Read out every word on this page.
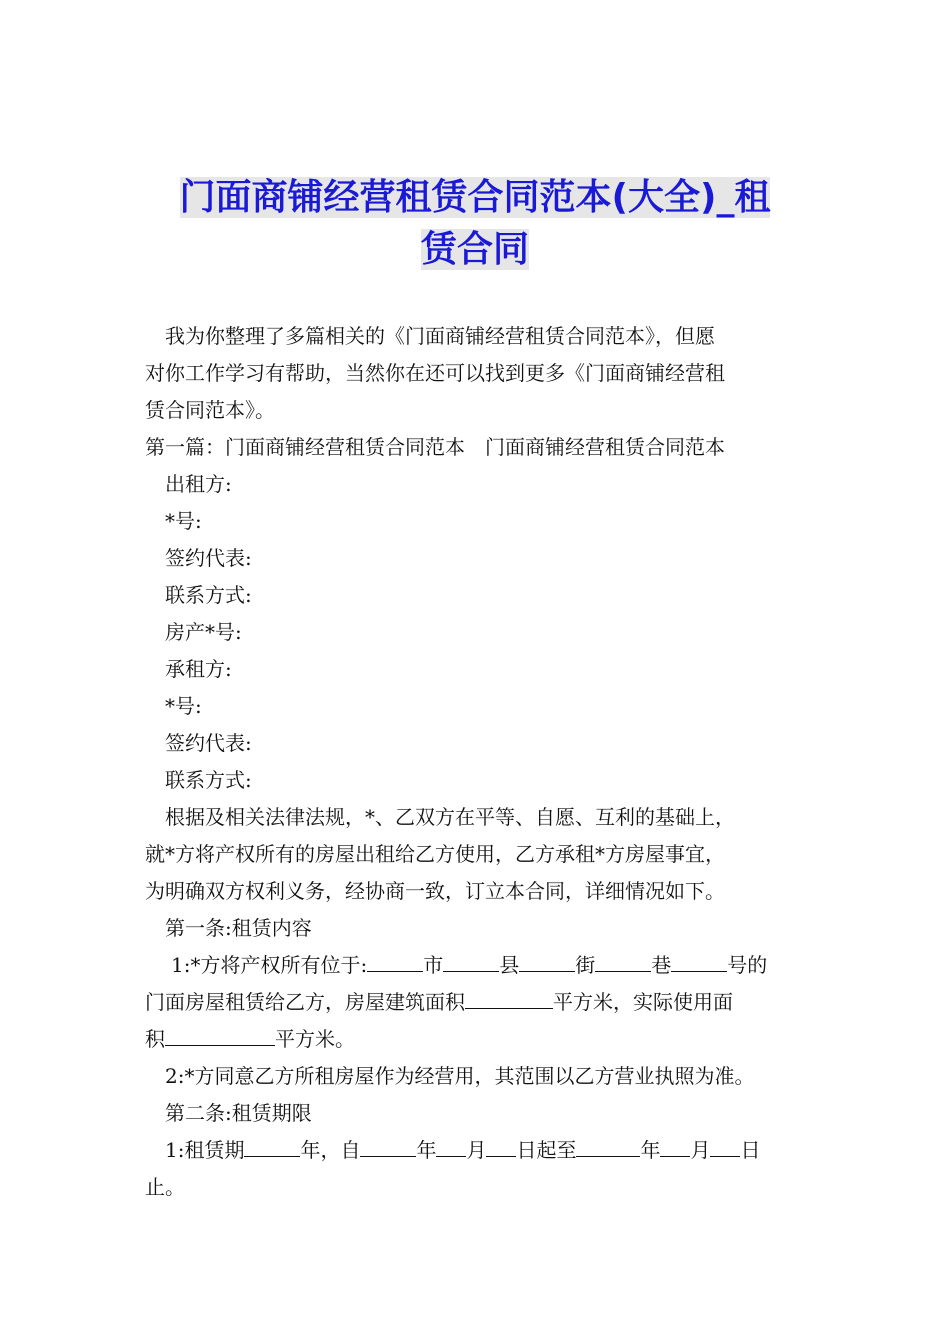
门面商铺经营租赁合同范本(大全)_租
赁合同

我为你整理了多篇相关的《门面商铺经营租赁合同范本》，但愿

对你工作学习有帮助，当然你在还可以找到更多《门面商铺经营租

赁合同范本》。

第一篇：门面商铺经营租赁合同范本　门面商铺经营租赁合同范本

出租方:

*号:

签约代表:

联系方式:

房产*号:

承租方:

*号:

签约代表:

联系方式:

根据及相关法律法规，*、乙双方在平等、自愿、互利的基础上，

就*方将产权所有的房屋出租给乙方使用，乙方承租*方房屋事宜，

为明确双方权利义务，经协商一致，订立本合同，详细情况如下。

第一条:租赁内容

1:*方将产权所有位于:	市	县	街	巷	号的

门面房屋租赁给乙方，房屋建筑面积	平方米，实际使用面

积	平方米。

2:*方同意乙方所租房屋作为经营用，其范围以乙方营业执照为准。

第二条:租赁期限

1:租赁期	年，自	年 月 日起至	年 月 日

止。
